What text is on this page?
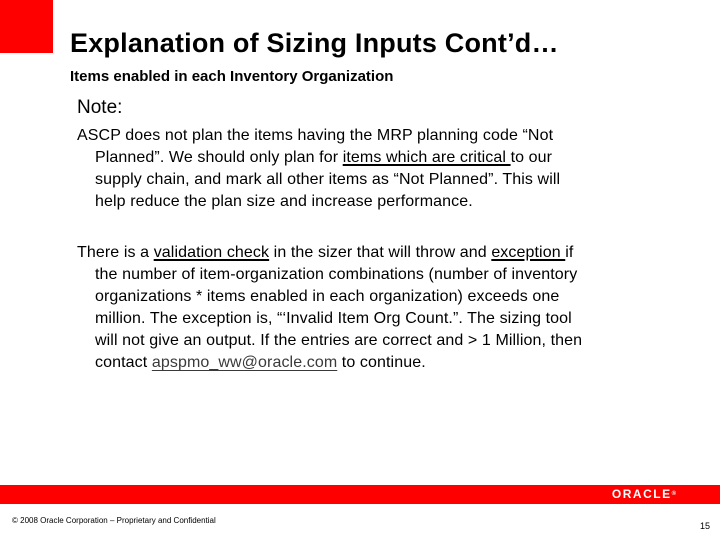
Explanation of Sizing Inputs Cont’d…
Items enabled in each Inventory Organization
Note:
ASCP does not plan the items having the MRP planning code “Not
Planned”. We should only plan for items which are critical to our
supply chain, and mark all other items as “Not Planned”. This will
help reduce the plan size and increase performance.
There is a validation check in the sizer that will throw and exception if
the number of item-organization combinations (number of inventory
organizations * items enabled in each organization) exceeds one
million. The exception is, “‘Invalid Item Org Count.”. The sizing tool
will not give an output. If the entries are correct and > 1 Million, then
contact apspmo_ww@oracle.com to continue.
ORACLE®
© 2008 Oracle Corporation – Proprietary and Confidential
15
